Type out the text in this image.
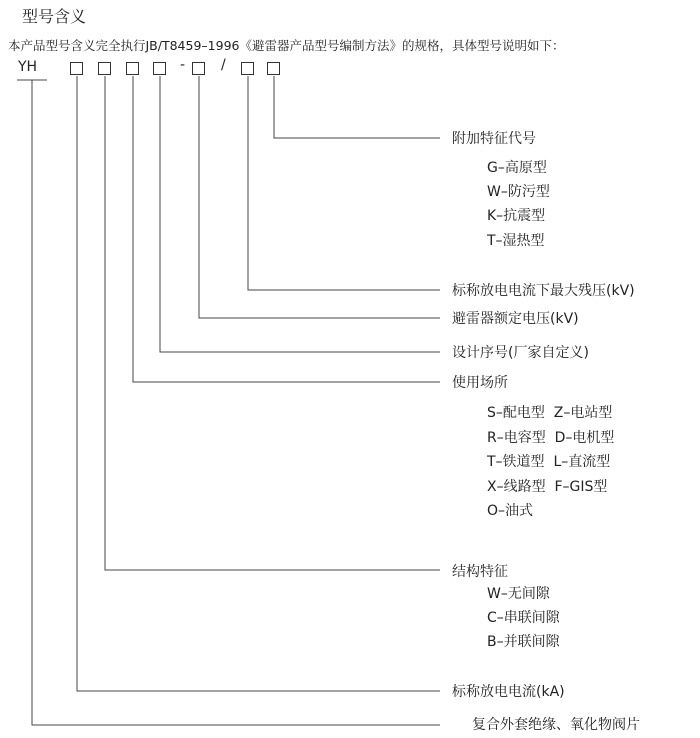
型号含义
本产品型号含义完全执行JB/T8459–1996《避雷器产品型号编制方法》的规格，具体型号说明如下：
YH	-	/
附加特征代号
G–高原型
W–防污型
K–抗震型
T–湿热型
标称放电电流下最大残压(kV)
避雷器额定电压(kV)
设计序号(厂家自定义)
使用场所
S–配电型  Z–电站型
R–电容型  D–电机型
T–铁道型  L–直流型
X–线路型  F–GIS型
O–油式
结构特征
W–无间隙
C–串联间隙
B–并联间隙
标称放电电流(kA)
复合外套绝缘、氧化物阀片
